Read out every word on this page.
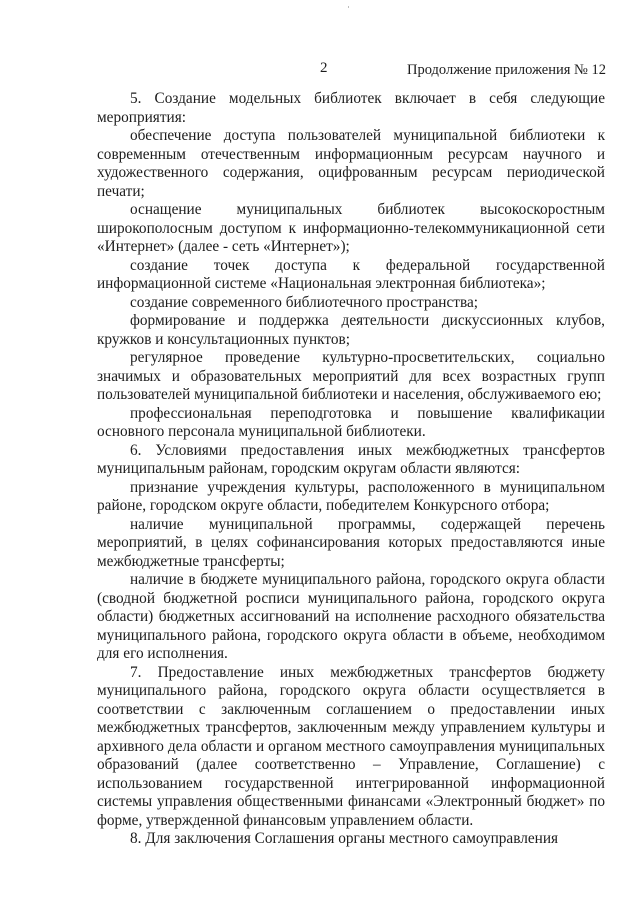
2	Продолжение приложения № 12

5. Создание модельных библиотек включает в себя следующие мероприятия:

обеспечение доступа пользователей муниципальной библиотеки к современным отечественным информационным ресурсам научного и художественного содержания, оцифрованным ресурсам периодической печати;

оснащение муниципальных библиотек высокоскоростным широкополосным доступом к информационно-телекоммуникационной сети «Интернет» (далее - сеть «Интернет»);

создание точек доступа к федеральной государственной информационной системе «Национальная электронная библиотека»;

создание современного библиотечного пространства;

формирование и поддержка деятельности дискуссионных клубов, кружков и консультационных пунктов;

регулярное проведение культурно-просветительских, социально значимых и образовательных мероприятий для всех возрастных групп пользователей муниципальной библиотеки и населения, обслуживаемого ею;

профессиональная переподготовка и повышение квалификации основного персонала муниципальной библиотеки.

6. Условиями предоставления иных межбюджетных трансфертов муниципальным районам, городским округам области являются:

признание учреждения культуры, расположенного в муниципальном районе, городском округе области, победителем Конкурсного отбора;

наличие муниципальной программы, содержащей перечень мероприятий, в целях софинансирования которых предоставляются иные межбюджетные трансферты;

наличие в бюджете муниципального района, городского округа области (сводной бюджетной росписи муниципального района, городского округа области) бюджетных ассигнований на исполнение расходного обязательства муниципального района, городского округа области в объеме, необходимом для его исполнения.

7. Предоставление иных межбюджетных трансфертов бюджету муниципального района, городского округа области осуществляется в соответствии с заключенным соглашением о предоставлении иных межбюджетных трансфертов, заключенным между управлением культуры и архивного дела области и органом местного самоуправления муниципальных образований (далее соответственно – Управление, Соглашение) с использованием государственной интегрированной информационной системы управления общественными финансами «Электронный бюджет» по форме, утвержденной финансовым управлением области.

8. Для заключения Соглашения органы местного самоуправления
